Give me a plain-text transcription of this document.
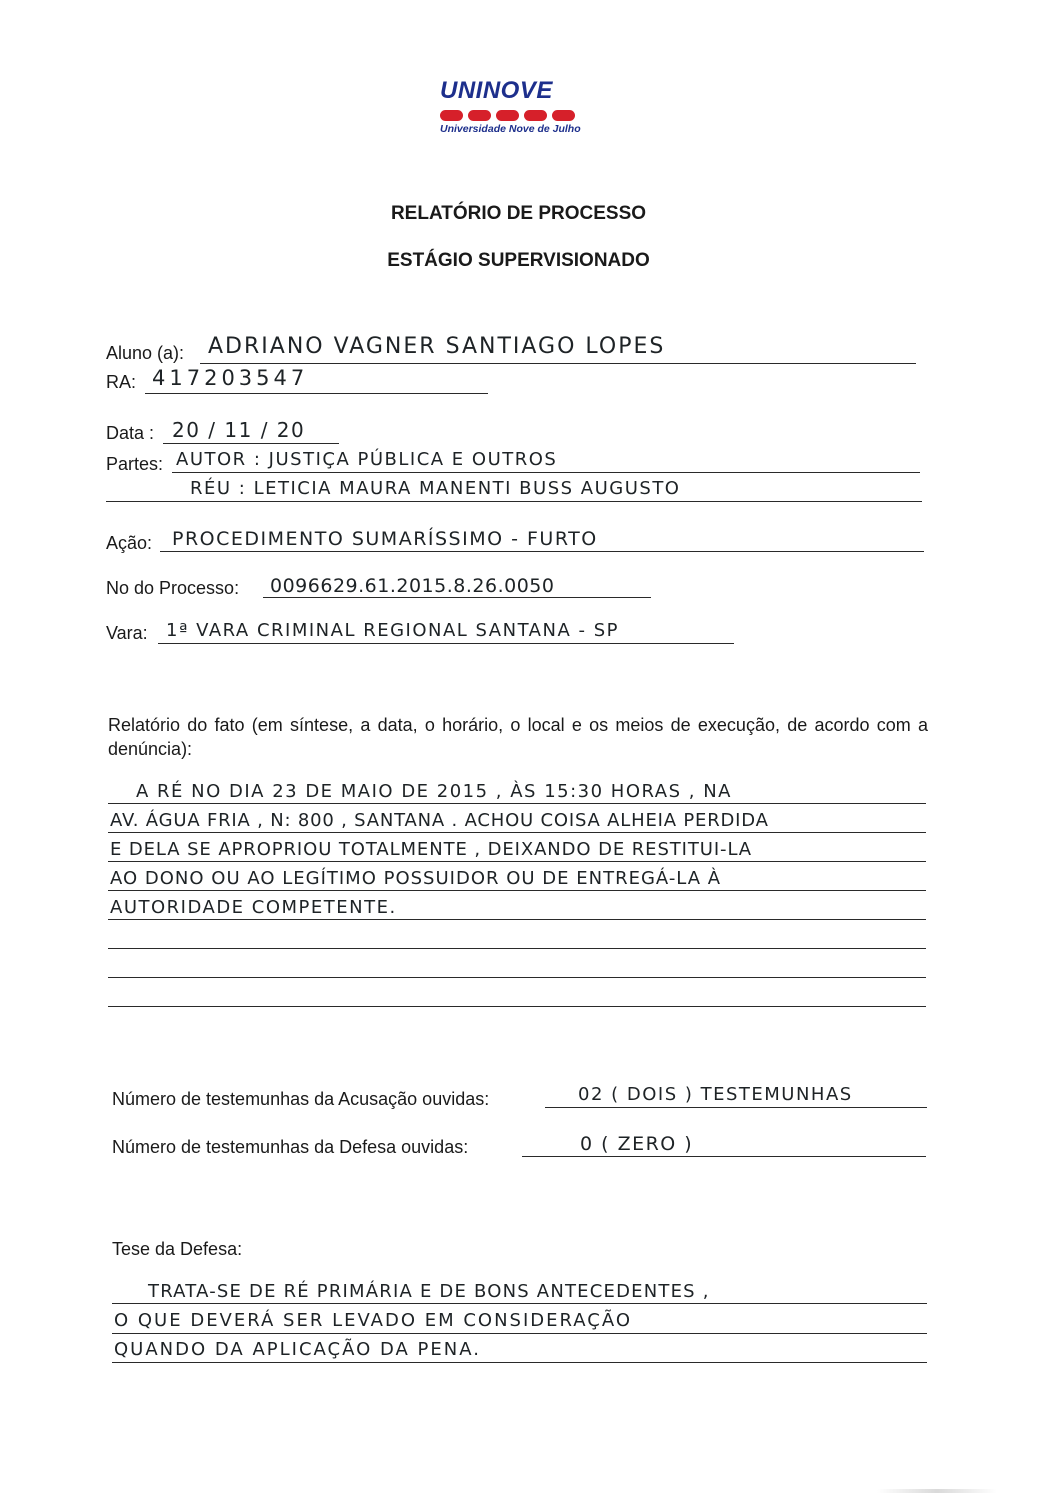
UNINOVE
Universidade Nove de Julho
RELATÓRIO DE PROCESSO
ESTÁGIO SUPERVISIONADO
Aluno (a): ADRIANO VAGNER SANTIAGO LOPES
RA: 417203547
Data : 20 / 11 / 20
Partes: AUTOR : JUSTIÇA PÚBLICA E OUTROS
RÉU : LETICIA MAURA MANENTI BUSS AUGUSTO
Ação: PROCEDIMENTO SUMARÍSSIMO - FURTO
No do Processo: 0096629.61.2015.8.26.0050
Vara: 1ª VARA CRIMINAL REGIONAL SANTANA - SP
Relatório do fato (em síntese, a data, o horário, o local e os meios de execução, de acordo com a denúncia):
A RÉ NO DIA 23 DE MAIO DE 2015 , ÀS 15:30 HORAS , NA
AV. ÁGUA FRIA , N: 800 , SANTANA . ACHOU COISA ALHEIA PERDIDA
E DELA SE APROPRIOU TOTALMENTE , DEIXANDO DE RESTITUI-LA
AO DONO OU AO LEGÍTIMO POSSUIDOR OU DE ENTREGÁ-LA À
AUTORIDADE COMPETENTE.
Número de testemunhas da Acusação ouvidas:	02 ( DOIS ) TESTEMUNHAS
Número de testemunhas da Defesa ouvidas:	0 ( ZERO )
Tese da Defesa:
TRATA-SE DE RÉ PRIMÁRIA E DE BONS ANTECEDENTES ,
O QUE DEVERÁ SER LEVADO EM CONSIDERAÇÃO
QUANDO DA APLICAÇÃO DA PENA.
